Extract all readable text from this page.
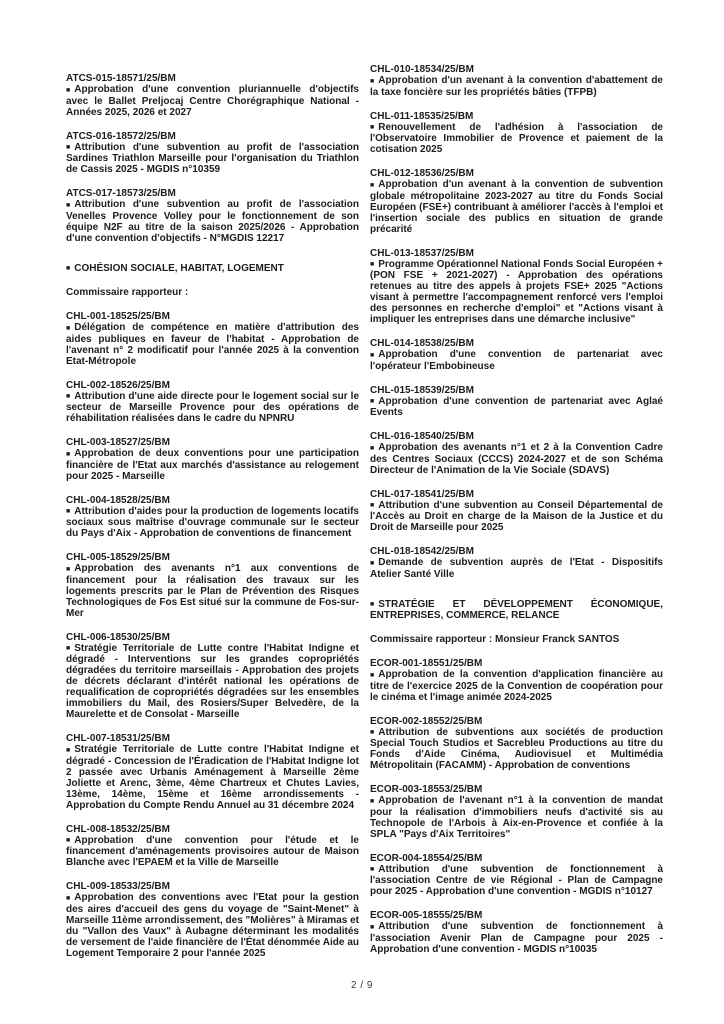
ATCS-015-18571/25/BM

■ Approbation d'une convention pluriannuelle d'objectifs avec le Ballet Preljocaj Centre Chorégraphique National - Années 2025, 2026 et 2027

ATCS-016-18572/25/BM

■ Attribution d'une subvention au profit de l'association Sardines Triathlon Marseille pour l'organisation du Triathlon de Cassis 2025 - MGDIS n°10359

ATCS-017-18573/25/BM

■ Attribution d'une subvention au profit de l'association Venelles Provence Volley pour le fonctionnement de son équipe N2F au titre de la saison 2025/2026 - Approbation d'une convention d'objectifs - N°MGDIS 12217

■ COHÉSION SOCIALE, HABITAT, LOGEMENT
Commissaire rapporteur :
CHL-001-18525/25/BM

■ Délégation de compétence en matière d'attribution des aides publiques en faveur de l'habitat - Approbation de l'avenant n° 2 modificatif pour l'année 2025 à la convention Etat-Métropole

CHL-002-18526/25/BM

■ Attribution d'une aide directe pour le logement social sur le secteur de Marseille Provence pour des opérations de réhabilitation réalisées dans le cadre du NPNRU

CHL-003-18527/25/BM

■ Approbation de deux conventions pour une participation financière de l'Etat aux marchés d'assistance au relogement pour 2025 - Marseille

CHL-004-18528/25/BM

■ Attribution d'aides pour la production de logements locatifs sociaux sous maîtrise d'ouvrage communale sur le secteur du Pays d'Aix - Approbation de conventions de financement

CHL-005-18529/25/BM

■ Approbation des avenants n°1 aux conventions de financement pour la réalisation des travaux sur les logements prescrits par le Plan de Prévention des Risques Technologiques de Fos Est situé sur la commune de Fos-sur-Mer

CHL-006-18530/25/BM

■ Stratégie Territoriale de Lutte contre l'Habitat Indigne et dégradé - Interventions sur les grandes copropriétés dégradées du territoire marseillais - Approbation des projets de décrets déclarant d'intérêt national les opérations de requalification de copropriétés dégradées sur les ensembles immobiliers du Mail, des Rosiers/Super Belvedère, de la Maurelette et de Consolat - Marseille

CHL-007-18531/25/BM

■ Stratégie Territoriale de Lutte contre l'Habitat Indigne et dégradé - Concession de l'Éradication de l'Habitat Indigne lot 2 passée avec Urbanis Aménagement à Marseille 2ème Joliette et Arenc, 3ème, 4ème Chartreux et Chutes Lavies, 13ème, 14ème, 15ème et 16ème arrondissements - Approbation du Compte Rendu Annuel au 31 décembre 2024

CHL-008-18532/25/BM

■ Approbation d'une convention pour l'étude et le financement d'aménagements provisoires autour de Maison Blanche avec l'EPAEM et la Ville de Marseille

CHL-009-18533/25/BM

■ Approbation des conventions avec l'Etat pour la gestion des aires d'accueil des gens du voyage de "Saint-Menet" à Marseille 11ème arrondissement, des "Molières" à Miramas et du "Vallon des Vaux" à Aubagne déterminant les modalités de versement de l'aide financière de l'État dénommée Aide au Logement Temporaire 2 pour l'année 2025

CHL-010-18534/25/BM

■ Approbation d'un avenant à la convention d'abattement de la taxe foncière sur les propriétés bâties (TFPB)

CHL-011-18535/25/BM

■ Renouvellement de l'adhésion à l'association de l'Observatoire Immobilier de Provence et paiement de la cotisation 2025

CHL-012-18536/25/BM

■ Approbation d'un avenant à la convention de subvention globale métropolitaine 2023-2027 au titre du Fonds Social Européen (FSE+) contribuant à améliorer l'accès à l'emploi et l'insertion sociale des publics en situation de grande précarité

CHL-013-18537/25/BM

■ Programme Opérationnel National Fonds Social Européen + (PON FSE + 2021-2027) - Approbation des opérations retenues au titre des appels à projets FSE+ 2025 "Actions visant à permettre l'accompagnement renforcé vers l'emploi des personnes en recherche d'emploi" et "Actions visant à impliquer les entreprises dans une démarche inclusive"

CHL-014-18538/25/BM

■ Approbation d'une convention de partenariat avec l'opérateur l'Embobineuse

CHL-015-18539/25/BM

■ Approbation d'une convention de partenariat avec Aglaé Events

CHL-016-18540/25/BM

■ Approbation des avenants n°1 et 2 à la Convention Cadre des Centres Sociaux (CCCS) 2024-2027 et de son Schéma Directeur de l'Animation de la Vie Sociale (SDAVS)

CHL-017-18541/25/BM

■ Attribution d'une subvention au Conseil Départemental de l'Accès au Droit en charge de la Maison de la Justice et du Droit de Marseille pour 2025

CHL-018-18542/25/BM

■ Demande de subvention auprès de l'Etat - Dispositifs Atelier Santé Ville

■ STRATÉGIE ET DÉVELOPPEMENT ÉCONOMIQUE, ENTREPRISES, COMMERCE, RELANCE
Commissaire rapporteur : Monsieur Franck SANTOS
ECOR-001-18551/25/BM

■ Approbation de la convention d'application financière au titre de l'exercice 2025 de la Convention de coopération pour le cinéma et l'image animée 2024-2025

ECOR-002-18552/25/BM

■ Attribution de subventions aux sociétés de production Special Touch Studios et Sacrebleu Productions au titre du Fonds d'Aide Cinéma, Audiovisuel et Multimédia Métropolitain (FACAMM) - Approbation de conventions

ECOR-003-18553/25/BM

■ Approbation de l'avenant n°1 à la convention de mandat pour la réalisation d'immobiliers neufs d'activité sis au Technopole de l'Arbois à Aix-en-Provence et confiée à la SPLA "Pays d'Aix Territoires"

ECOR-004-18554/25/BM

■ Attribution d'une subvention de fonctionnement à l'association Centre de vie Régional - Plan de Campagne pour 2025 - Approbation d'une convention - MGDIS n°10127

ECOR-005-18555/25/BM

■ Attribution d'une subvention de fonctionnement à l'association Avenir Plan de Campagne pour 2025 - Approbation d'une convention - MGDIS n°10035

2 / 9
